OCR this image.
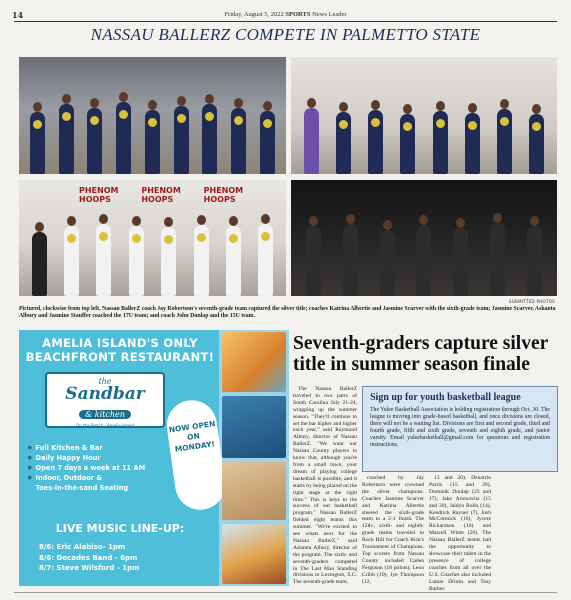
14	Friday, August 5, 2022 SPORTS News Leader
NASSAU BALLERZ COMPETE IN PALMETTO STATE
PHENOM HOOPS
PHENOM HOOPS
PHENOM HOOPS
SUBMITTED PHOTOS
Pictured, clockwise from top left, Nassau BallerZ coach Jay Robertson's seventh-grade team captured the silver title; coaches Katrina Albertie and Jasmine Scarver with the sixth-grade team; Jasmine Scarver, Ashanta Albury and Jasmine Stauffer coached the 17U team; and coach John Dunlap and the 15U team.
AMELIA ISLAND'S ONLY BEACHFRONT RESTAURANT!
the
Sandbar
& kitchen
On the Beach · Amelia Island	NOW OPEN ON MONDAY!
✸ Full Kitchen & Bar
✸ Daily Happy Hour
✸ Open 7 days a week at 11 AM
✸ Indoor, Outdoor &
Toes-in-the-sand Seating
LIVE MUSIC LINE-UP:
8/6: Eric Alabiso- 1pm
8/6: Decades Band - 6pm
8/7: Steve Wilsford - 1pm
Seventh-graders capture silver title in summer season finale

The Nassau BallerZ traveled to two parts of South Carolina July 21-24, wrapping up the summer season. "They'll continue to set the bar higher and higher each year," said Raymond Albury, director of Nassau BallerZ. "We want our Nassau County players to know that, although you're from a small town, your dream of playing college basketball is possible, and it starts by being placed on the right stage at the right time." This is keys to the success of our basketball program." Nassau BallerZ fielded eight teams this summer. "We're excited to see whats next for the Nassau BallerZ," said Ashanta Albury, director of the program. The sixth- and seventh-graders competed in The Last Man Standing divisions in Lexington, S.C. The seventh-grade team,

Sign up for youth basketball league
The Yulee Basketball Association is holding registration through Oct. 30. The league is moving into grade-based basketball, and once divisions are closed, there will not be a waiting list. Divisions are first and second grade, third and fourth grade, fifth and sixth grade, seventh and eighth grade, and junior varsity. Email yuleebasketball@gmail.com for questions and registration instructions.

coached by Jay Robertson were crowned the silver champions. Coaches Jasmine Scarver and Katrina Albertie steered the sixth-grade team to a 2-1 finish. The 12th-, sixth- and eighth-grade teams traveled to Rock Hill for Coach Rick's Tournament of Champions. Top scorers from Nassau County included Caden Ferguson (18 points), Leon Cribb (10), Jye Thompson (12,

13 and 20), Denarrin Parris (15 and 20), Dominik Dunlap (23 and 17), Jake Aronowitz (15 and 30), Jaidyn Rollo (14), Kendrick Rayner (7), Josh McCormick (16), Jycere Richardson (10) and Marcell White (20). The Nassau BallerZ teams had the opportunity to showcase their talent in the presence of college coaches from all over the U.S. Coaches also included Lamar Drinks and Troy Barber.
